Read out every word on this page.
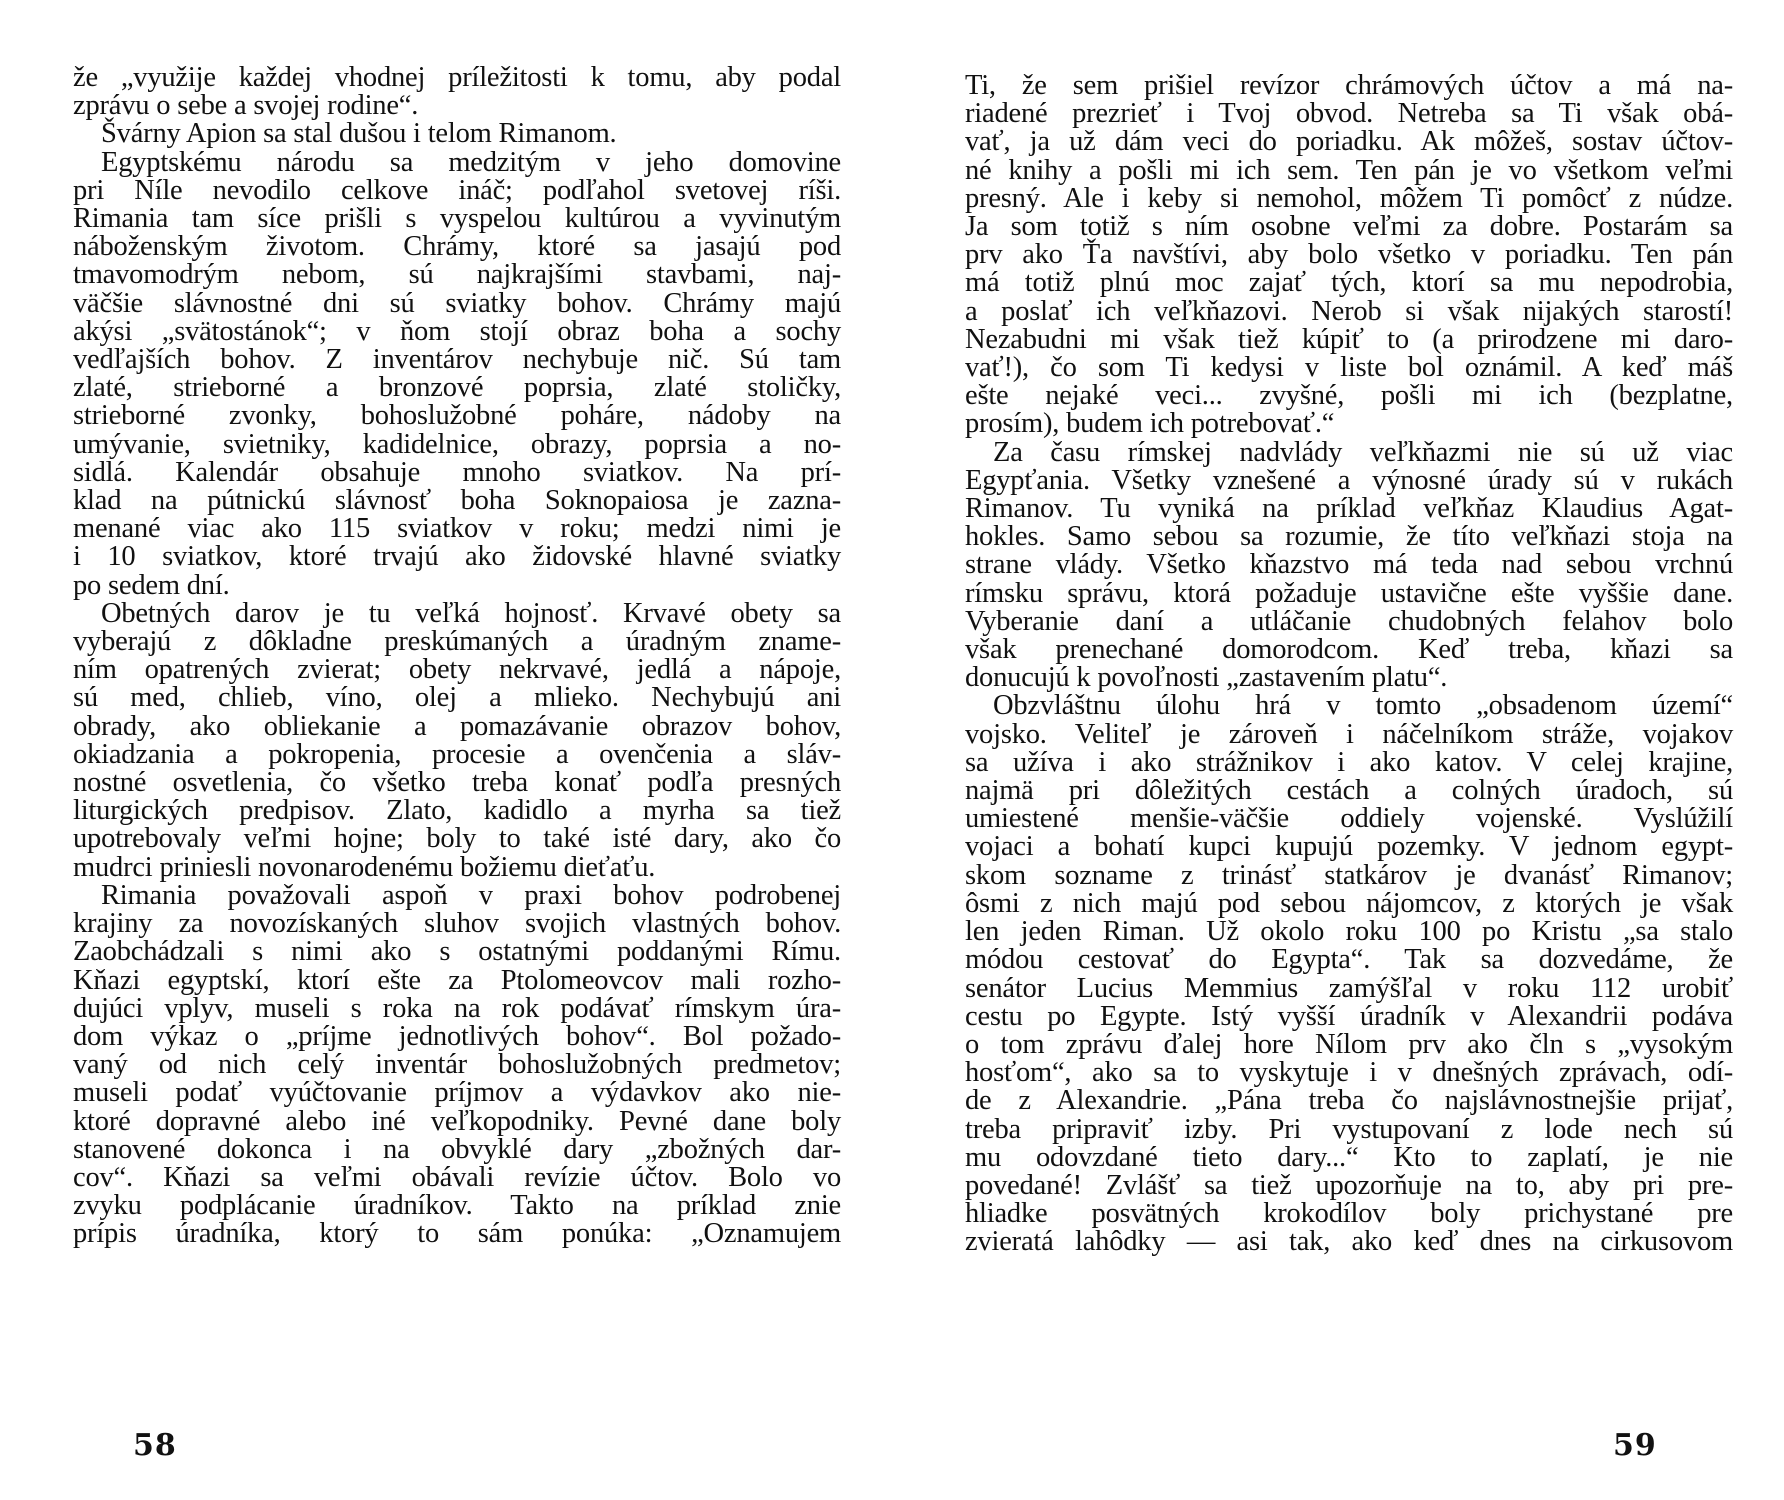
že „využije každej vhodnej príležitosti k tomu, aby podal
zprávu o sebe a svojej rodine“.
Švárny Apion sa stal dušou i telom Rimanom.
Egyptskému národu sa medzitým v jeho domovine
pri Níle nevodilo celkove ináč; podľahol svetovej ríši.
Rimania tam síce prišli s vyspelou kultúrou a vyvinutým
náboženským životom. Chrámy, ktoré sa jasajú pod
tmavomodrým nebom, sú najkrajšími stavbami, naj-
väčšie slávnostné dni sú sviatky bohov. Chrámy majú
akýsi „svätostánok“; v ňom stojí obraz boha a sochy
vedľajších bohov. Z inventárov nechybuje nič. Sú tam
zlaté, strieborné a bronzové poprsia, zlaté stoličky,
strieborné zvonky, bohoslužobné poháre, nádoby na
umývanie, svietniky, kadidelnice, obrazy, poprsia a no-
sidlá. Kalendár obsahuje mnoho sviatkov. Na prí-
klad na pútnickú slávnosť boha Soknopaiosa je zazna-
menané viac ako 115 sviatkov v roku; medzi nimi je
i 10 sviatkov, ktoré trvajú ako židovské hlavné sviatky
po sedem dní.
Obetných darov je tu veľká hojnosť. Krvavé obety sa
vyberajú z dôkladne preskúmaných a úradným zname-
ním opatrených zvierat; obety nekrvavé, jedlá a nápoje,
sú med, chlieb, víno, olej a mlieko. Nechybujú ani
obrady, ako obliekanie a pomazávanie obrazov bohov,
okiadzania a pokropenia, procesie a ovenčenia a sláv-
nostné osvetlenia, čo všetko treba konať podľa presných
liturgických predpisov. Zlato, kadidlo a myrha sa tiež
upotrebovaly veľmi hojne; boly to také isté dary, ako čo
mudrci priniesli novonarodenému božiemu dieťaťu.
Rimania považovali aspoň v praxi bohov podrobenej
krajiny za novozískaných sluhov svojich vlastných bohov.
Zaobchádzali s nimi ako s ostatnými poddanými Rímu.
Kňazi egyptskí, ktorí ešte za Ptolomeovcov mali rozho-
dujúci vplyv, museli s roka na rok podávať rímskym úra-
dom výkaz o „príjme jednotlivých bohov“. Bol požado-
vaný od nich celý inventár bohoslužobných predmetov;
museli podať vyúčtovanie príjmov a výdavkov ako nie-
ktoré dopravné alebo iné veľkopodniky. Pevné dane boly
stanovené dokonca i na obvyklé dary „zbožných dar-
cov“. Kňazi sa veľmi obávali revízie účtov. Bolo vo
zvyku podplácanie úradníkov. Takto na príklad znie
prípis úradníka, ktorý to sám ponúka: „Oznamujem
Ti, že sem prišiel revízor chrámových účtov a má na-
riadené prezrieť i Tvoj obvod. Netreba sa Ti však obá-
vať, ja už dám veci do poriadku. Ak môžeš, sostav účtov-
né knihy a pošli mi ich sem. Ten pán je vo všetkom veľmi
presný. Ale i keby si nemohol, môžem Ti pomôcť z núdze.
Ja som totiž s ním osobne veľmi za dobre. Postarám sa
prv ako Ťa navštívi, aby bolo všetko v poriadku. Ten pán
má totiž plnú moc zajať tých, ktorí sa mu nepodrobia,
a poslať ich veľkňazovi. Nerob si však nijakých starostí!
Nezabudni mi však tiež kúpiť to (a prirodzene mi daro-
vať!), čo som Ti kedysi v liste bol oznámil. A keď máš
ešte nejaké veci... zvyšné, pošli mi ich (bezplatne,
prosím), budem ich potrebovať.“
Za času rímskej nadvlády veľkňazmi nie sú už viac
Egypťania. Všetky vznešené a výnosné úrady sú v rukách
Rimanov. Tu vyniká na príklad veľkňaz Klaudius Agat-
hokles. Samo sebou sa rozumie, že títo veľkňazi stoja na
strane vlády. Všetko kňazstvo má teda nad sebou vrchnú
rímsku správu, ktorá požaduje ustavične ešte vyššie dane.
Vyberanie daní a utláčanie chudobných felahov bolo
však prenechané domorodcom. Keď treba, kňazi sa
donucujú k povoľnosti „zastavením platu“.
Obzvláštnu úlohu hrá v tomto „obsadenom území“
vojsko. Veliteľ je zároveň i náčelníkom stráže, vojakov
sa užíva i ako strážnikov i ako katov. V celej krajine,
najmä pri dôležitých cestách a colných úradoch, sú
umiestené menšie-väčšie oddiely vojenské. Vyslúžilí
vojaci a bohatí kupci kupujú pozemky. V jednom egypt-
skom sozname z trinásť statkárov je dvanásť Rimanov;
ôsmi z nich majú pod sebou nájomcov, z ktorých je však
len jeden Riman. Už okolo roku 100 po Kristu „sa stalo
módou cestovať do Egypta“. Tak sa dozvedáme, že
senátor Lucius Memmius zamýšľal v roku 112 urobiť
cestu po Egypte. Istý vyšší úradník v Alexandrii podáva
o tom zprávu ďalej hore Nílom prv ako čln s „vysokým
hosťom“, ako sa to vyskytuje i v dnešných zprávach, odí-
de z Alexandrie. „Pána treba čo najslávnostnejšie prijať,
treba pripraviť izby. Pri vystupovaní z lode nech sú
mu odovzdané tieto dary...“ Kto to zaplatí, je nie
povedané! Zvlášť sa tiež upozorňuje na to, aby pri pre-
hliadke posvätných krokodílov boly prichystané pre
zvieratá lahôdky — asi tak, ako keď dnes na cirkusovom
58	59
